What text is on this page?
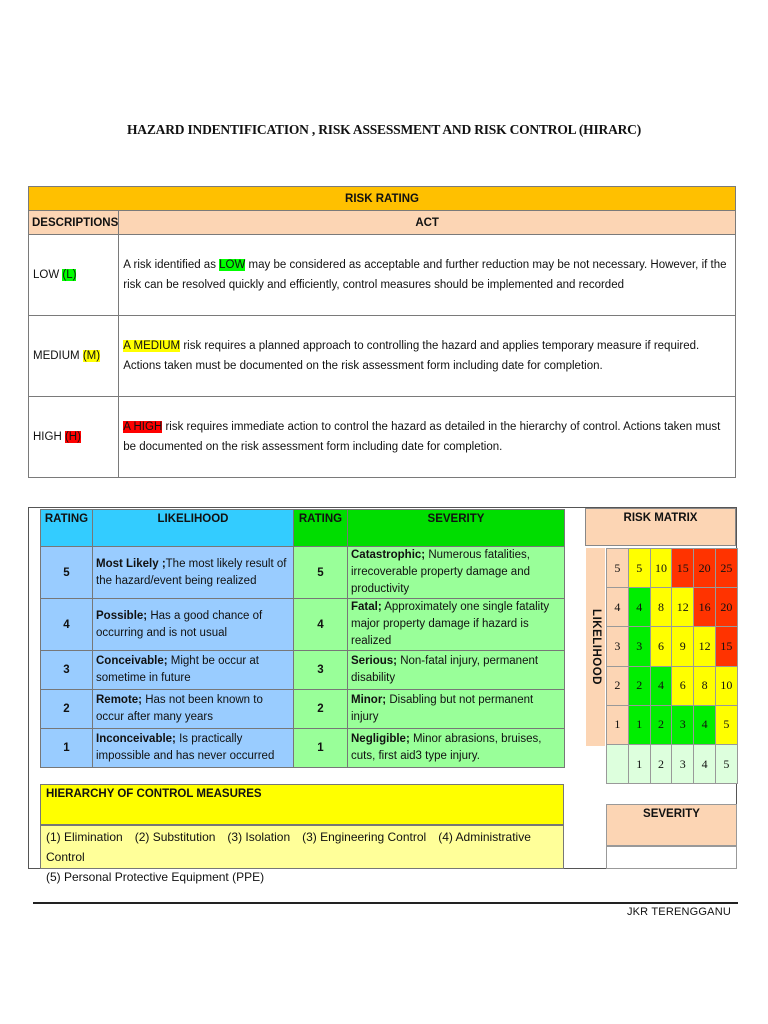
HAZARD INDENTIFICATION , RISK ASSESSMENT AND RISK CONTROL (HIRARC)
RISK RATING	
DESCRIPTIONS	ACT
LOW (L)	A risk identified as LOW may be considered as acceptable and further reduction may be not necessary. However, if the risk can be resolved quickly and efficiently, control measures should be implemented and recorded
MEDIUM (M)	A MEDIUM risk requires a planned approach to controlling the hazard and applies temporary measure if required. Actions taken must be documented on the risk assessment form including date for completion.
HIGH (H)	A HIGH risk requires immediate action to control the hazard as detailed in the hierarchy of control. Actions taken must be documented on the risk assessment form including date for completion.
RATING	LIKELIHOOD	RATING	SEVERITY
5	Most Likely ;The most likely result of the hazard/event being realized	5	Catastrophic; Numerous fatalities, irrecoverable property damage and productivity
4	Possible; Has a good chance of occurring and is not usual	4	Fatal; Approximately one single fatality major property damage if hazard is realized
3	Conceivable; Might be occur at sometime in future	3	Serious; Non-fatal injury, permanent disability
2	Remote; Has not been known to occur after many years	2	Minor; Disabling but not permanent injury
1	Inconceivable; Is practically impossible and has never occurred	1	Negligible; Minor abrasions, bruises, cuts, first aid3 type injury.
HIERARCHY OF CONTROL MEASURES
(1) Elimination (2) Substitution (3) Isolation (3) Engineering Control (4) Administrative Control
(5) Personal Protective Equipment (PPE)
RISK MATRIX
LIKELIHOOD
5	5	10	15	20	25
4	4	8	12	16	20
3	3	6	9	12	15
2	2	4	6	8	10
1	1	2	3	4	5
	1	2	3	4	5
SEVERITY
JKR TERENGGANU
